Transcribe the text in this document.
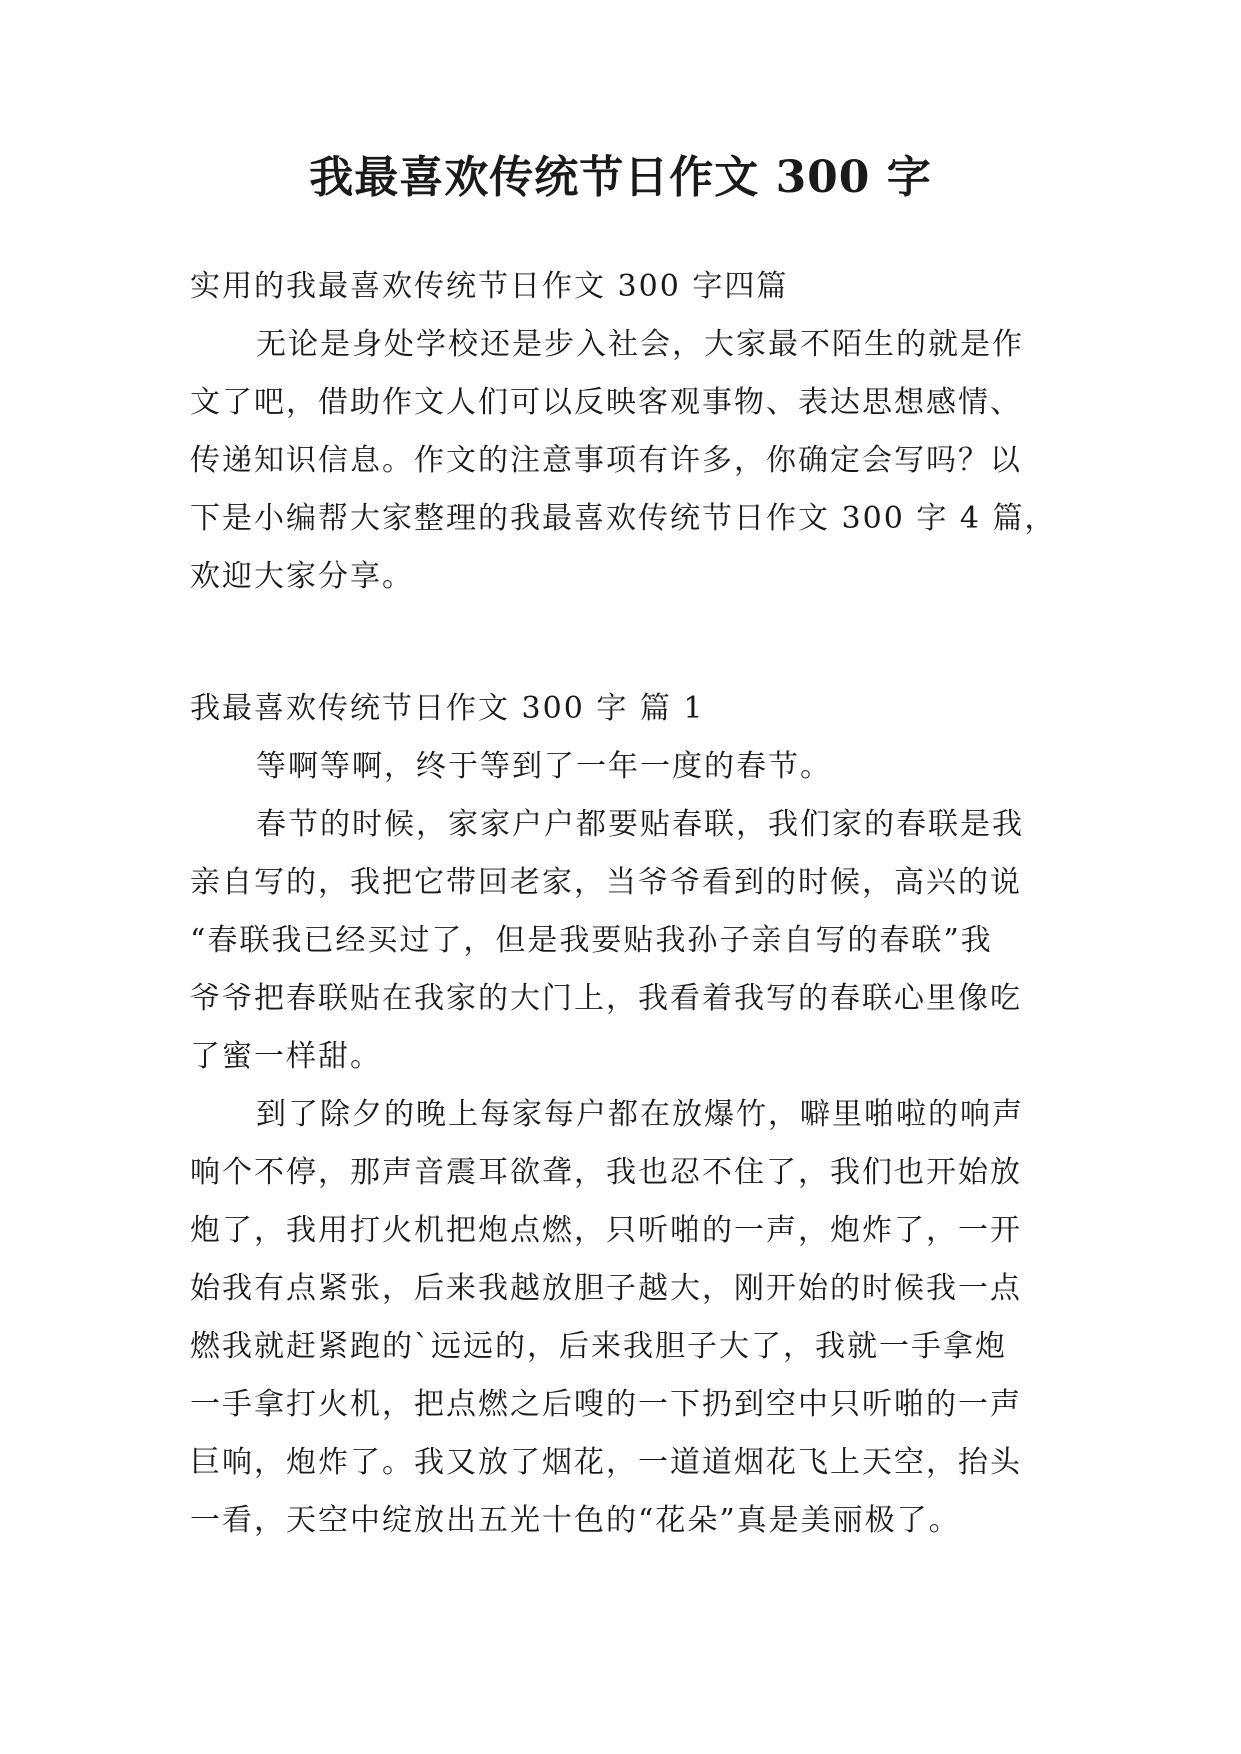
我最喜欢传统节日作文 300 字
实用的我最喜欢传统节日作文 300 字四篇
无论是身处学校还是步入社会，大家最不陌生的就是作
文了吧，借助作文人们可以反映客观事物、表达思想感情、
传递知识信息。作文的注意事项有许多，你确定会写吗？以
下是小编帮大家整理的我最喜欢传统节日作文 300 字 4 篇，
欢迎大家分享。
我最喜欢传统节日作文 300 字 篇 1
等啊等啊，终于等到了一年一度的春节。
春节的时候，家家户户都要贴春联，我们家的春联是我
亲自写的，我把它带回老家，当爷爷看到的时候，高兴的说
“春联我已经买过了，但是我要贴我孙子亲自写的春联”我
爷爷把春联贴在我家的大门上，我看着我写的春联心里像吃
了蜜一样甜。
到了除夕的晚上每家每户都在放爆竹，噼里啪啦的响声
响个不停，那声音震耳欲聋，我也忍不住了，我们也开始放
炮了，我用打火机把炮点燃，只听啪的一声，炮炸了，一开
始我有点紧张，后来我越放胆子越大，刚开始的时候我一点
燃我就赶紧跑的`远远的，后来我胆子大了，我就一手拿炮
一手拿打火机，把点燃之后嗖的一下扔到空中只听啪的一声
巨响，炮炸了。我又放了烟花，一道道烟花飞上天空，抬头
一看，天空中绽放出五光十色的“花朵”真是美丽极了。
